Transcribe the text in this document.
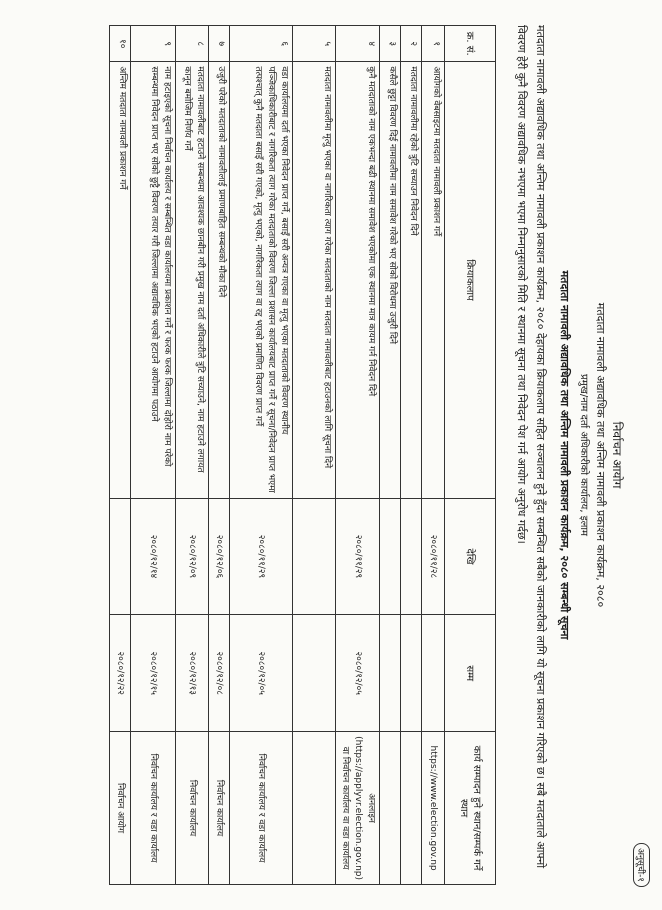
अनुसूची-१
निर्वाचन आयोग
मतदाता नामावली अद्यावधिक तथा अन्तिम नामावली प्रकाशन कार्यक्रम, २०८०
प्रमुख/नाम दर्ता अधिकारीको कार्यालय, इलाम
मतदाता नामावली अद्यावधिक तथा अन्तिम नामावली प्रकाशन कार्यक्रम, २०८० सम्बन्धी सूचना
मतदाता नामावली अद्यावधिक तथा अन्तिम नामावली प्रकाशन कार्यक्रम, २०८० देहायका क्रियाकलाप सहित सञ्चालन हुने हुँदा सम्बन्धित सबैको जानकारीको लागि यो सूचना प्रकाशन गरिएको छ। सबै मतदाताले आफ्नो विवरण हेरी कुनै विवरण अद्यावधिक नभएमा भएमा निम्नानुसारको मिति र स्थानमा सूचना तथा निवेदन पेश गर्न आयोग अनुरोध गर्दछ।
क्र. सं.	क्रियाकलाप	देखि	सम्म	कार्य सम्पादन हुने स्थान/सम्पर्क गर्ने स्थान
१	आयोगको वेबसाइटमा मतदाता नामावली प्रकाशन गर्ने	२०८०/११/२८		https://www.election.gov.np
२	मतदाता नामावलीमा रहेको त्रुटि सच्याउन निवेदन दिने			
३	कसैले छुट्टा विवरण दिई नामावलीमा नाम समावेश गरेको भए सोको विरोधमा उजुरी दिने			
४	कुनै मतदाताको नाम एकभन्दा बढी स्थानमा समावेश भएकोमा एक स्थानमा मात्र कायम गर्न निवेदन दिने	२०८०/११/२९	२०८०/१२/०५	अनलाइन (https://applyvr.election.gov.np) वा निर्वाचन कार्यालय वा वडा कार्यालय
५	मतदाता नामावलीमा मृत्यु भएका वा नागरिकता त्याग गरेका मतदाताको नाम मतदाता नामावलीबाट हटाउनको लागि सूचना दिने			
६	वडा कार्यालयमा दर्ता भएका निवेदन प्राप्त गर्ने, बसाइँ सरी अन्यत्र गएका वा मृत्यु भएका मतदाताको विवरण स्थानीय पञ्जिकाधिकारीबाट र नागरिकता त्याग गरेका मतदाताको विवरण जिल्ला प्रशासन कार्यालयबाट प्राप्त गर्ने र सूचना/निवेदन प्राप्त भएमा तत्पश्चात् कुनै मतदाता बसाइँ सरी गएको, मृत्यु भएको, नागरिकता त्याग वा रद्द भएको प्रमाणित विवरण प्राप्त गर्ने	२०८०/११/२९	२०८०/१२/०५	निर्वाचन कार्यालय र वडा कार्यालय
७	उजुरी परेको मतदाताको नामावलीलाई प्रमाणबाहित सम्बन्धको मौका दिने	२०८०/१२/०६	२०८०/१२/०८	निर्वाचन कार्यालय
८	मतदाता नामावलीबाट हटाउने सम्बन्धमा आवश्यक छानबीन गरी प्रमुख नाम दर्ता अधिकारीले त्रुटि सच्याउने, नाम हटाउने लगायत कानून बमोजिम निर्णय गर्ने	२०८०/१२/०९	२०८०/१२/१३	निर्वाचन कार्यालय
९	नाम हटाइएको सूचना निर्वाचन कार्यालय र सम्बन्धित वडा कार्यालयमा प्रकाशन गर्ने र फरक फरक जिल्लामा दोहोरो नाम परेको सम्बन्धमा निवेदन प्राप्त भए सोको छुट्टै विवरण तयार गरी जिल्लामा अद्यावधिक भएको हटाउने आयोगमा पठाउने	२०८०/१२/१४	२०८०/१२/१५	निर्वाचन कार्यालय र वडा कार्यालय
१०	अन्तिम मतदाता नामावली प्रकाशन गर्ने		२०८०/१२/२२	निर्वाचन आयोग
